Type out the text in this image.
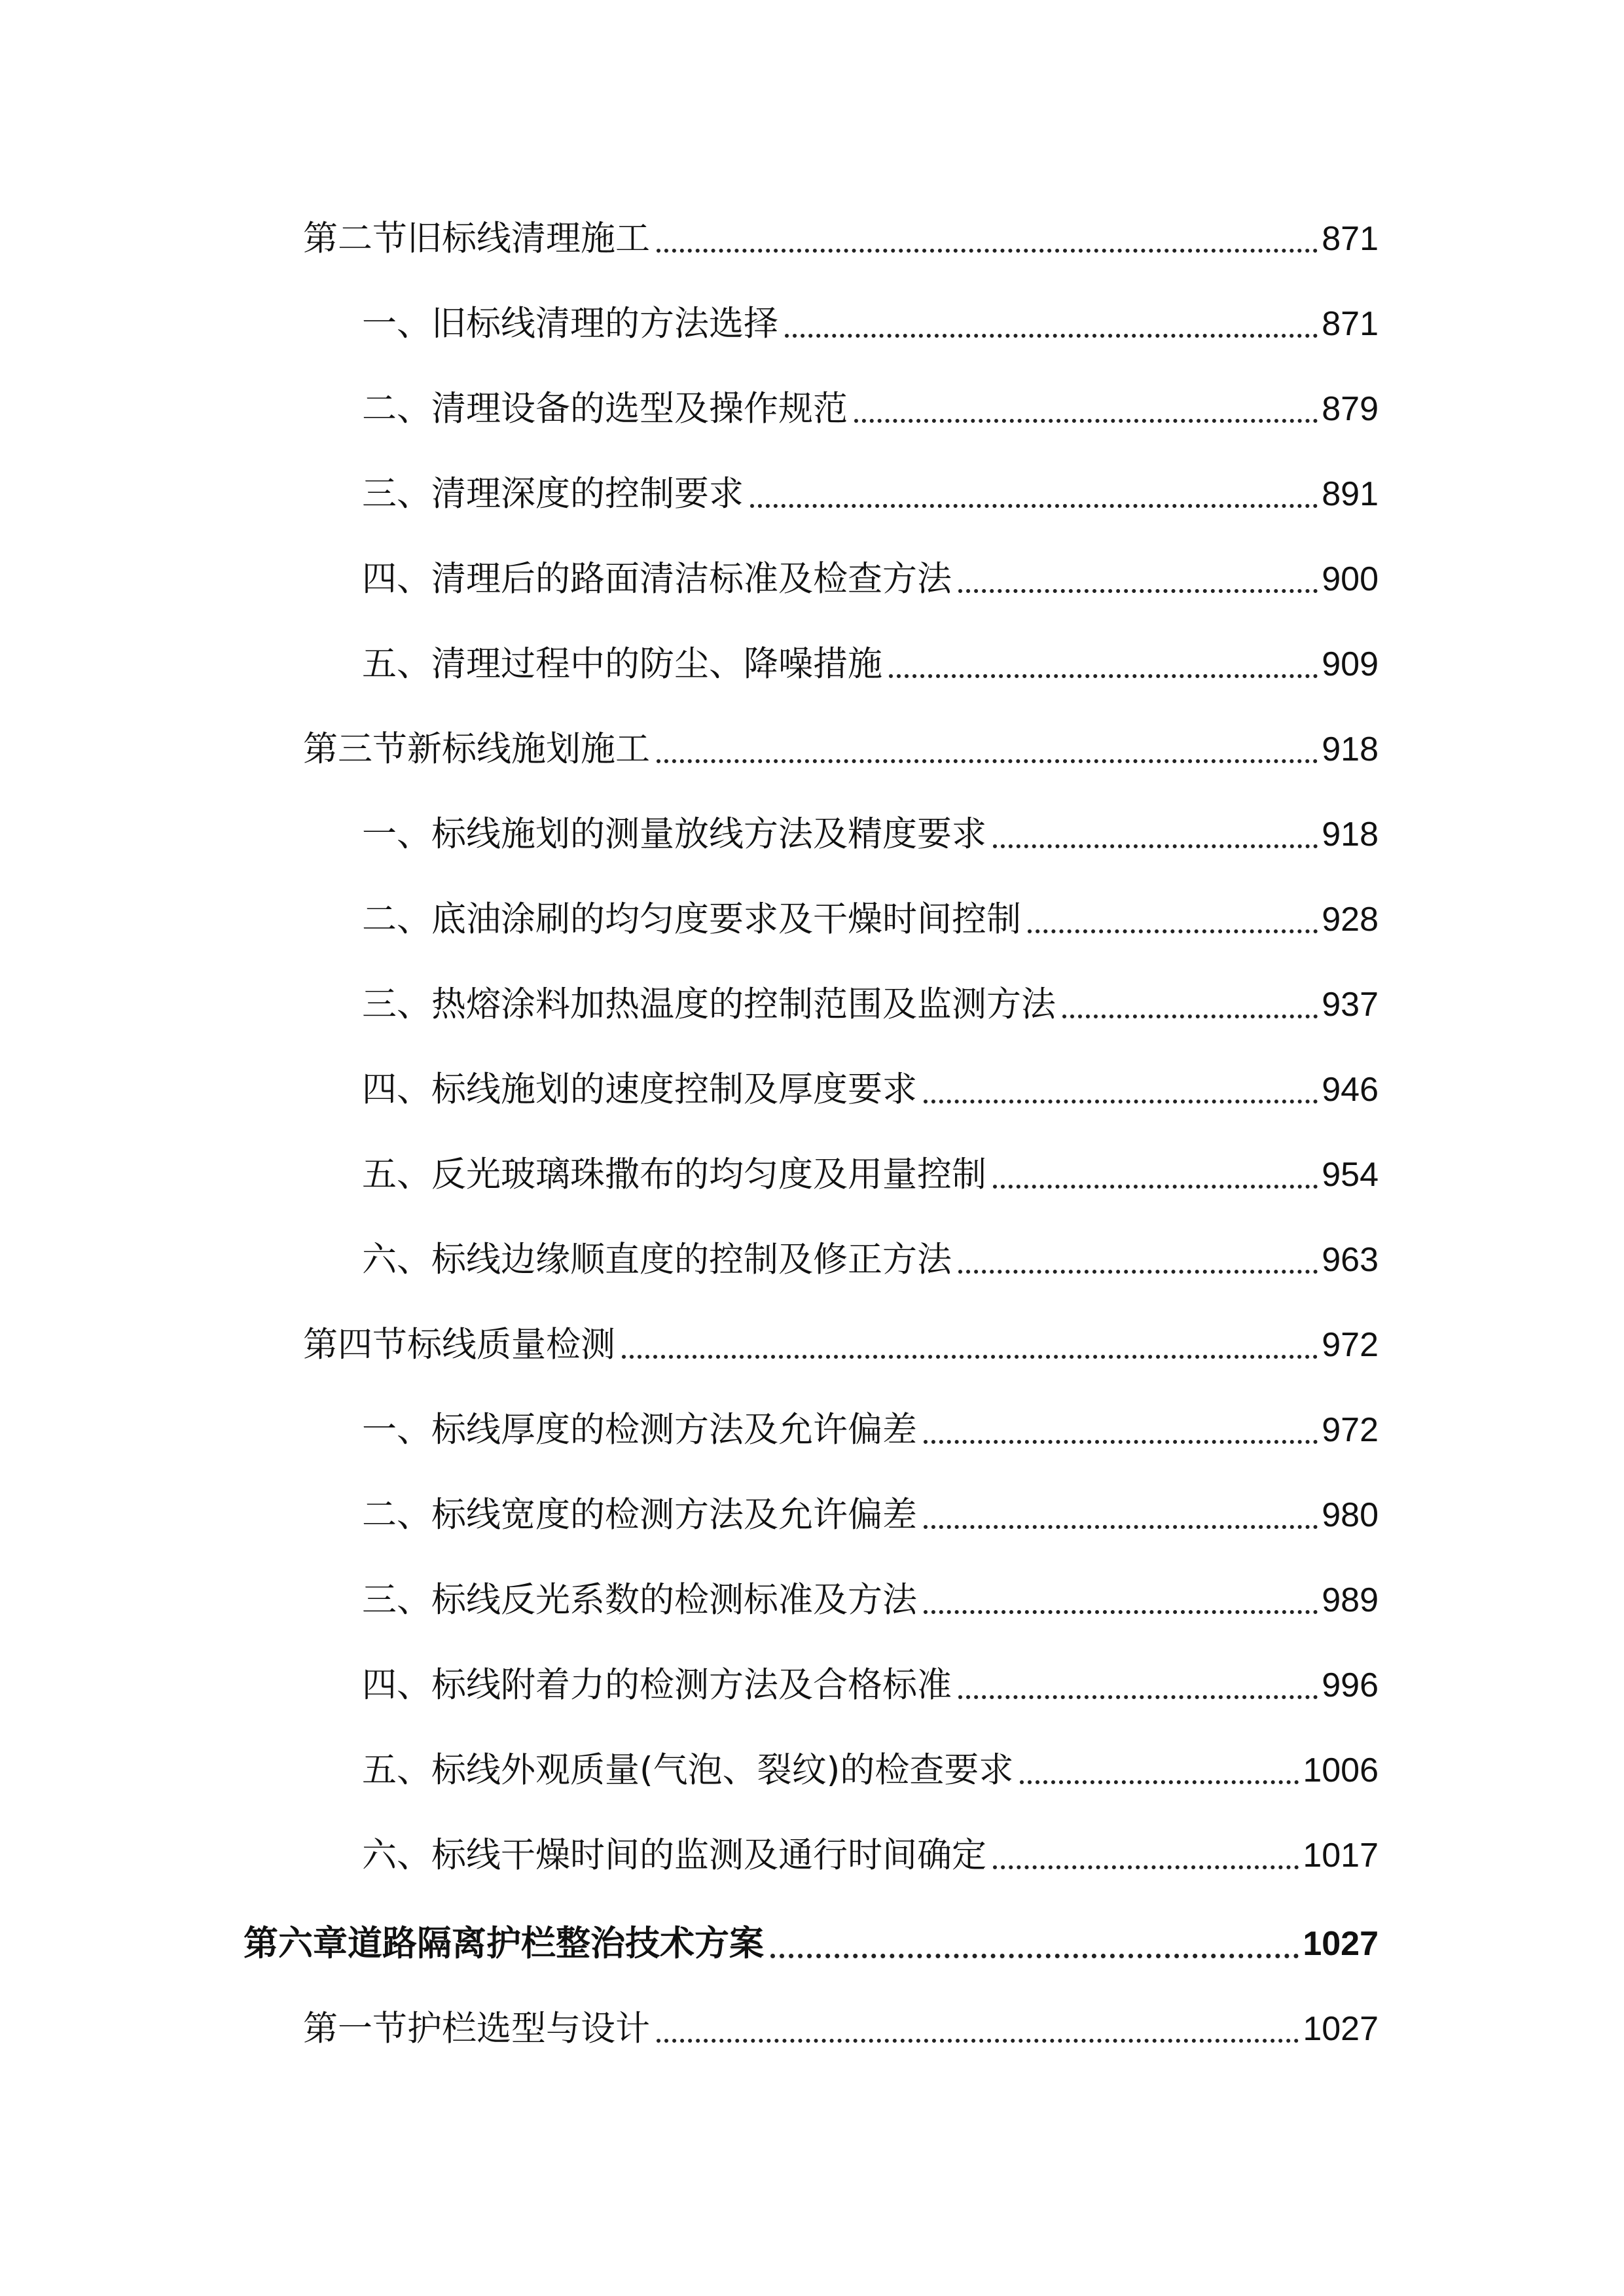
第二节旧标线清理施工	871
一、旧标线清理的方法选择	871
二、清理设备的选型及操作规范	879
三、清理深度的控制要求	891
四、清理后的路面清洁标准及检查方法	900
五、清理过程中的防尘、降噪措施	909
第三节新标线施划施工	918
一、标线施划的测量放线方法及精度要求	918
二、底油涂刷的均匀度要求及干燥时间控制	928
三、热熔涂料加热温度的控制范围及监测方法	937
四、标线施划的速度控制及厚度要求	946
五、反光玻璃珠撒布的均匀度及用量控制	954
六、标线边缘顺直度的控制及修正方法	963
第四节标线质量检测	972
一、标线厚度的检测方法及允许偏差	972
二、标线宽度的检测方法及允许偏差	980
三、标线反光系数的检测标准及方法	989
四、标线附着力的检测方法及合格标准	996
五、标线外观质量(气泡、裂纹)的检查要求	1006
六、标线干燥时间的监测及通行时间确定	1017
第六章道路隔离护栏整治技术方案	1027
第一节护栏选型与设计	1027
